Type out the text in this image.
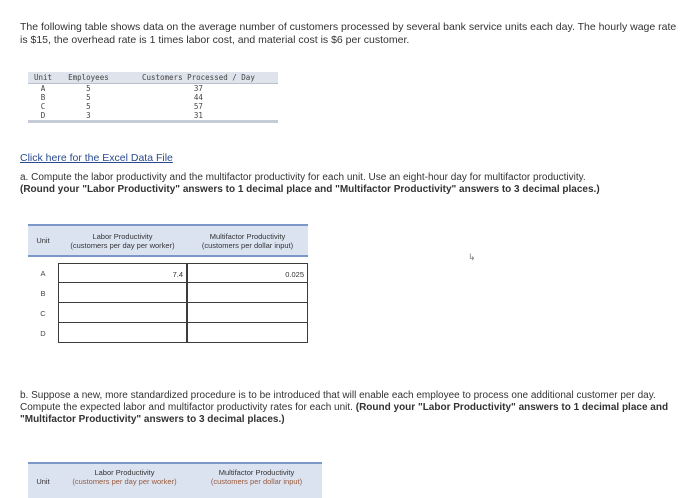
The following table shows data on the average number of customers processed by several bank service units each day. The hourly wage rate is $15, the overhead rate is 1 times labor cost, and material cost is $6 per customer.
Unit	Employees	Customers Processed / Day
A	5	37
B	5	44
C	5	57
D	3	31
Click here for the Excel Data File
a. Compute the labor productivity and the multifactor productivity for each unit. Use an eight-hour day for multifactor productivity.
(Round your "Labor Productivity" answers to 1 decimal place and "Multifactor Productivity" answers to 3 decimal places.)
Unit	Labor Productivity
(customers per day per worker)
Multifactor Productivity
(customers per dollar input)
A	7.4	0.025
B
C
D
b. Suppose a new, more standardized procedure is to be introduced that will enable each employee to process one additional customer per day. Compute the expected labor and multifactor productivity rates for each unit. (Round your "Labor Productivity" answers to 1 decimal place and "Multifactor Productivity" answers to 3 decimal places.)
Unit
Labor Productivity
(customers per day per worker)
Multifactor Productivity
(customers per dollar input)
↳
